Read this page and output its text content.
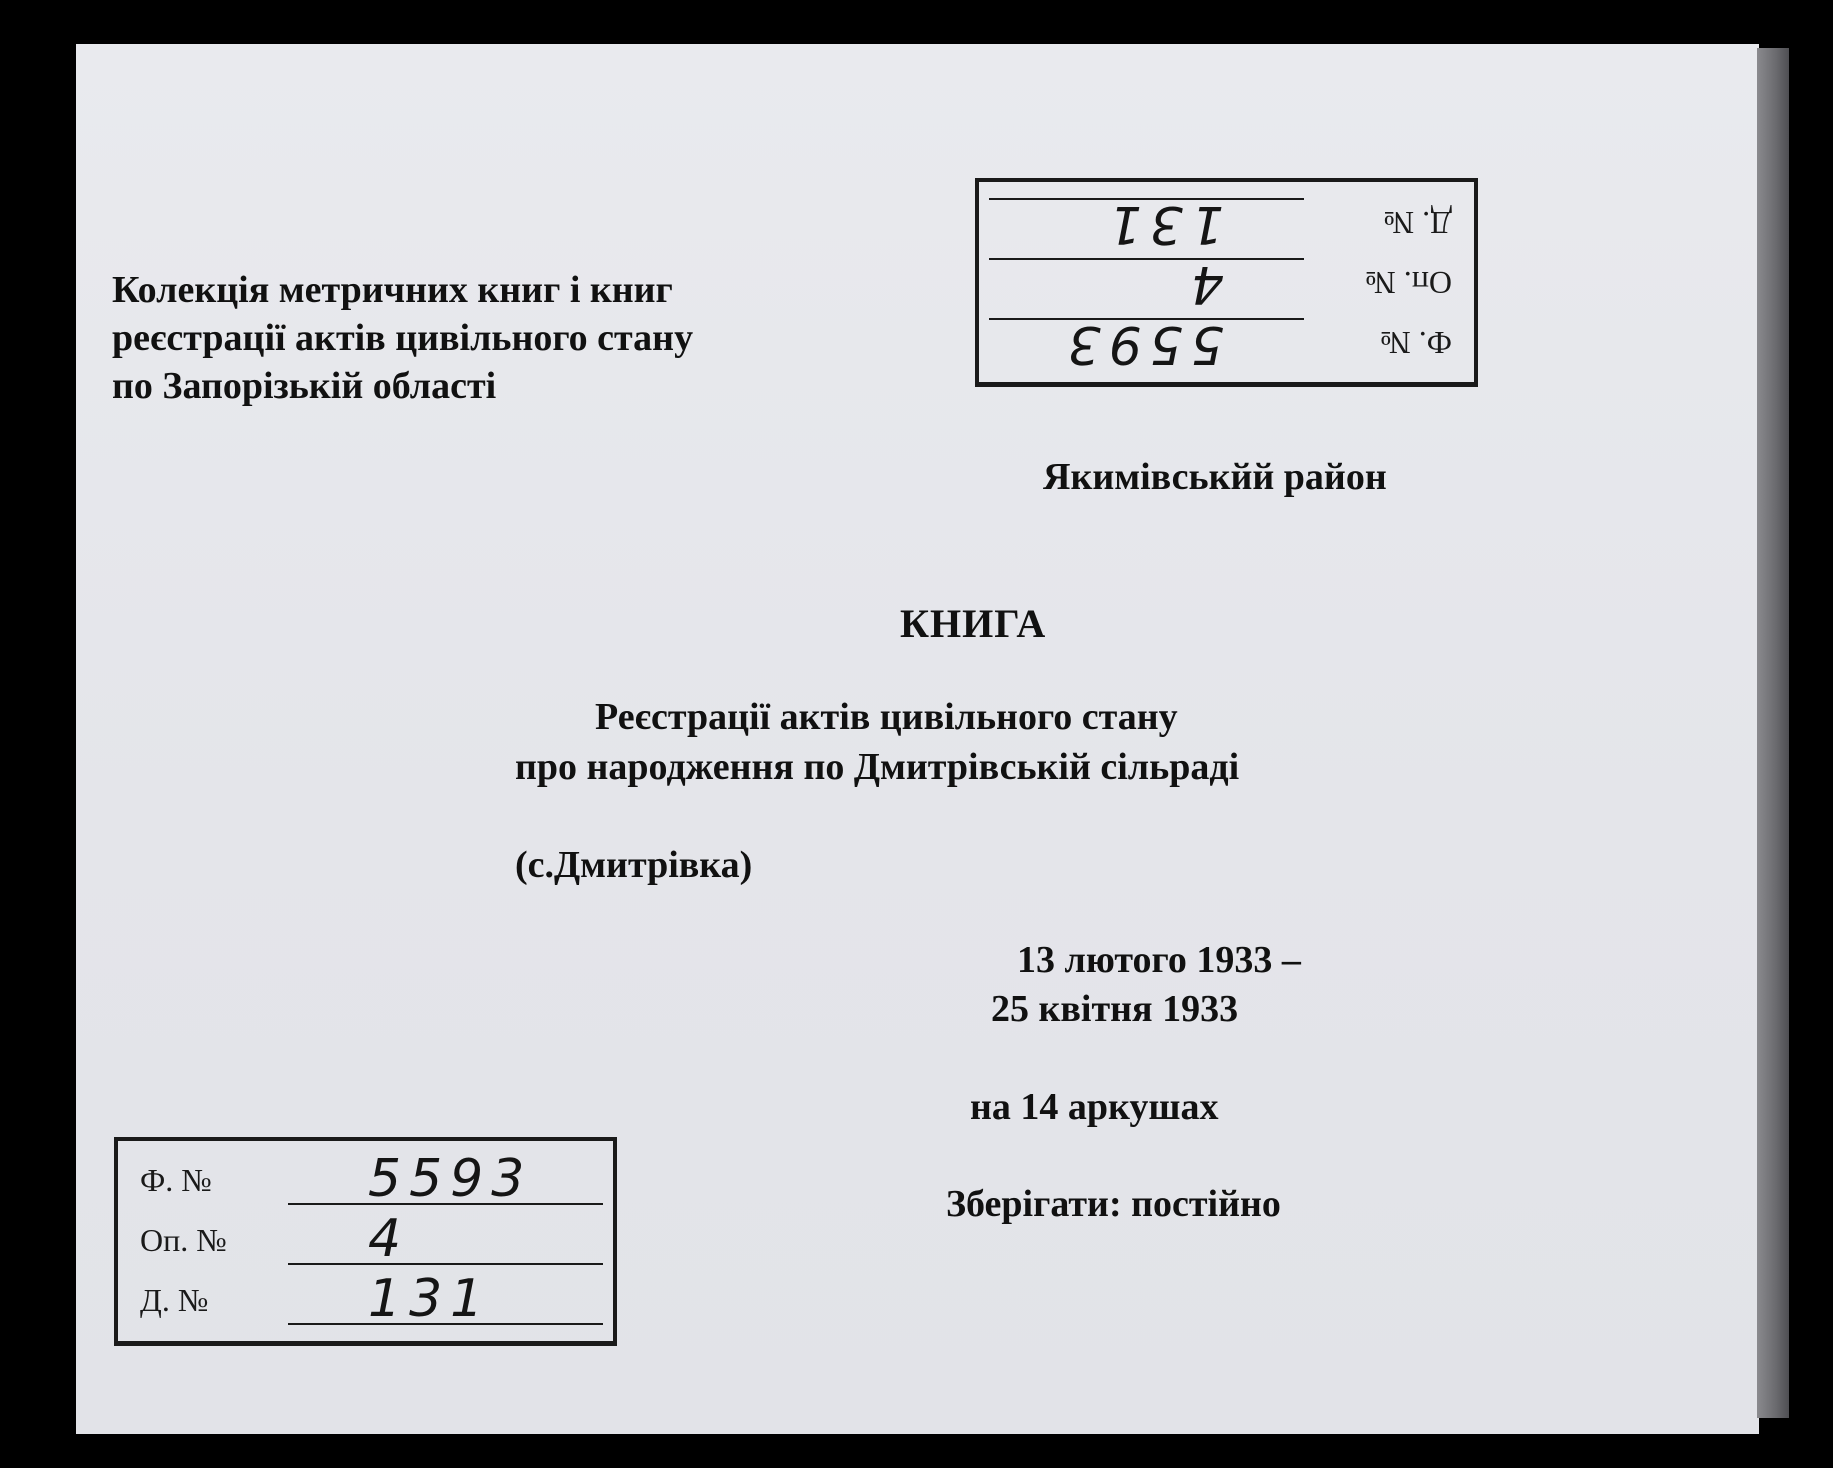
Колекція метричних книг і книг
реєстрації актів цивільного стану
по Запорізькій області
Ф. №
5593
Оп. №
4
Д. №
131
Якимівськйй район
КНИГА
Реєстрації актів цивільного стану
про народження по Дмитрівській сільраді
(с.Дмитрівка)
13 лютого 1933 –
25 квітня 1933
на 14 аркушах
Зберігати: постійно
Ф. №	5593
Оп. №	4
Д. №	131
